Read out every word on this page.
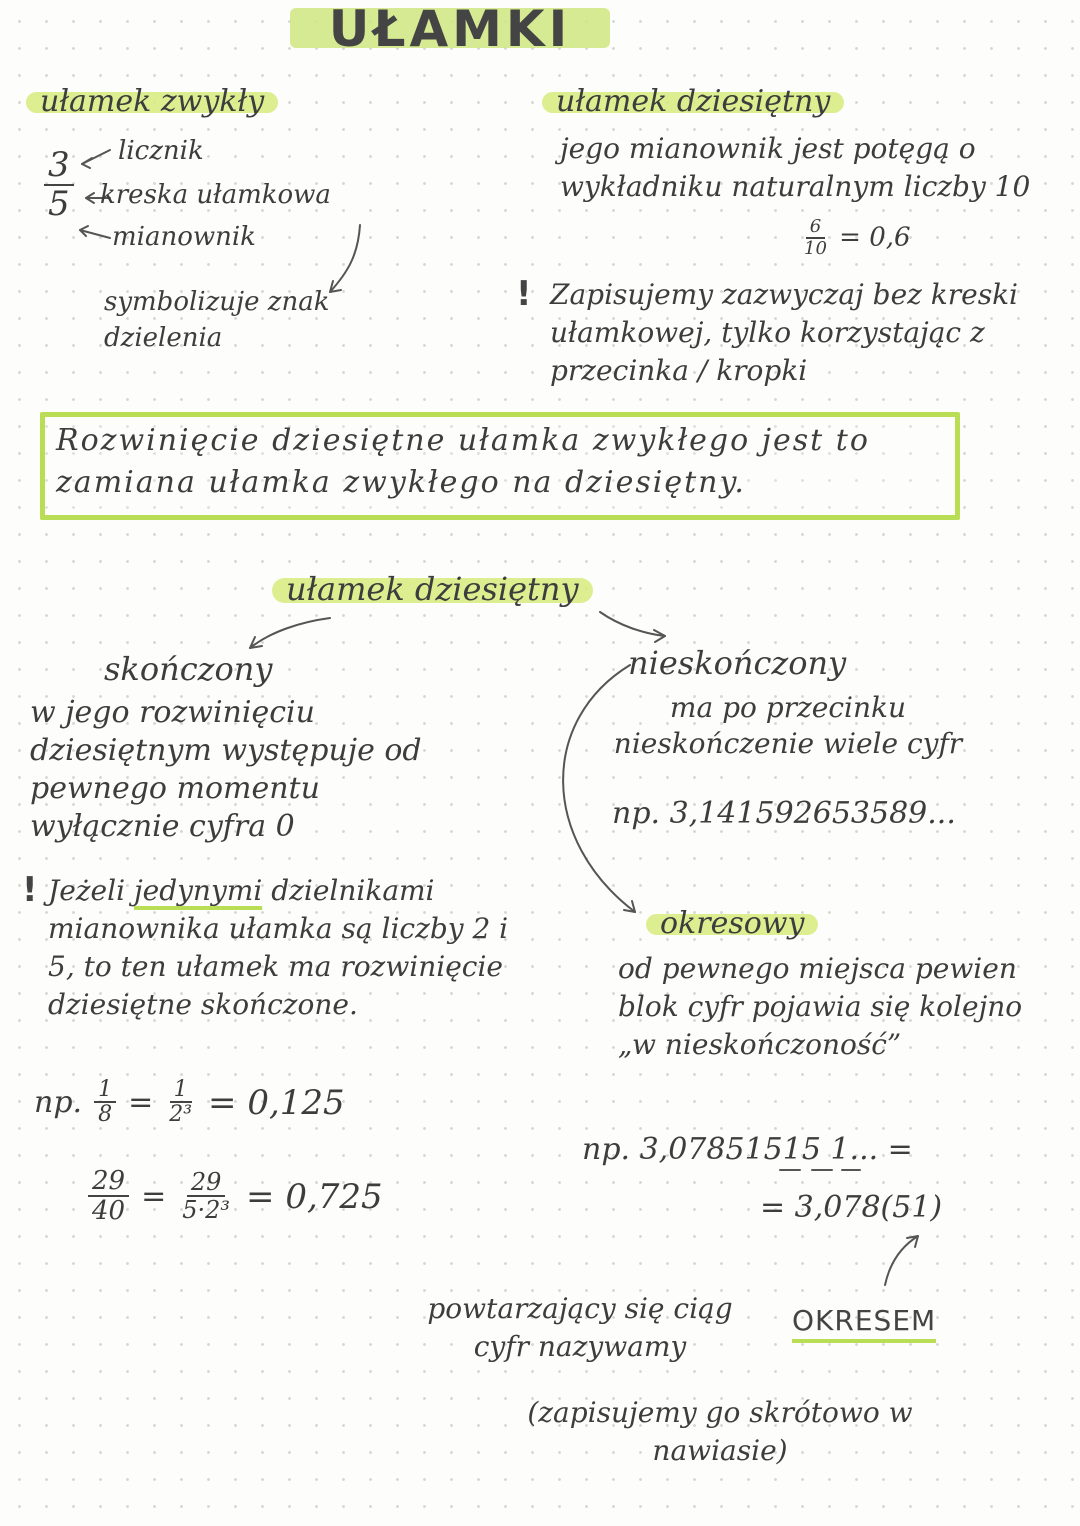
UŁAMKI
ułamek zwykły
$\frac{3}{5}$ licznik
kreska ułamkowa
mianownik
symbolizuje znak dzielenia
ułamek dziesiętny
jego mianownik jest potęgą o wykładniku naturalnym liczby 10
$\frac{6}{10} = 0,6$
! Zapisujemy zazwyczaj bez kreski ułamkowej, tylko korzystając z przecinka / kropki
Rozwinięcie dziesiętne ułamka zwykłego jest to zamiana ułamka zwykłego na dziesiętny.
ułamek dziesiętny
skończony
w jego rozwinięciu dziesiętnym występuje od pewnego momentu wyłącznie cyfra 0
! Jeżeli jedynymi dzielnikami mianownika ułamka są liczby 2 i 5, to ten ułamek ma rozwinięcie dziesiętne skończone.
np. $\frac{1}{8} = \frac{1}{\text{2³}} = 0,125$
$\frac{29}{40} = \frac{29}{\text{5·2³}} = 0,725$
nieskończony
ma po przecinku nieskończenie wiele cyfr
np. 3,141592653589...
okresowy
od pewnego miejsca pewien blok cyfr pojawia się kolejno „w nieskończoność”
np. 3,07851515 1... =
= 3,078(51)
powtarzający się ciąg cyfr nazywamy
OKRESEM
(zapisujemy go skrótowo w nawiasie)
